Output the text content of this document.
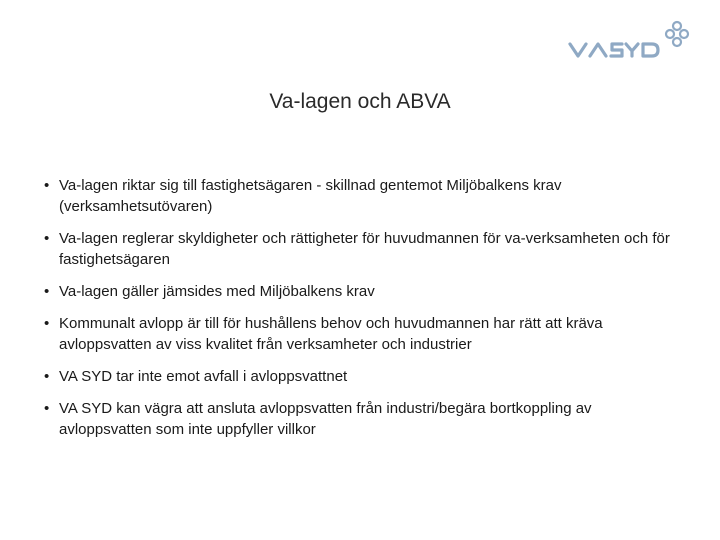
Va-lagen och ABVA
• Va-lagen riktar sig till fastighetsägaren - skillnad gentemot Miljöbalkens krav (verksamhetsutövaren)
• Va-lagen reglerar skyldigheter och rättigheter för huvudmannen för va-verksamheten och för fastighetsägaren
• Va-lagen gäller jämsides med Miljöbalkens krav
• Kommunalt avlopp är till för hushållens behov och huvudmannen har rätt att kräva avloppsvatten av viss kvalitet från verksamheter och industrier
• VA SYD tar inte emot avfall i avloppsvattnet
• VA SYD kan vägra att ansluta avloppsvatten från industri/begära bortkoppling av avloppsvatten som inte uppfyller villkor
